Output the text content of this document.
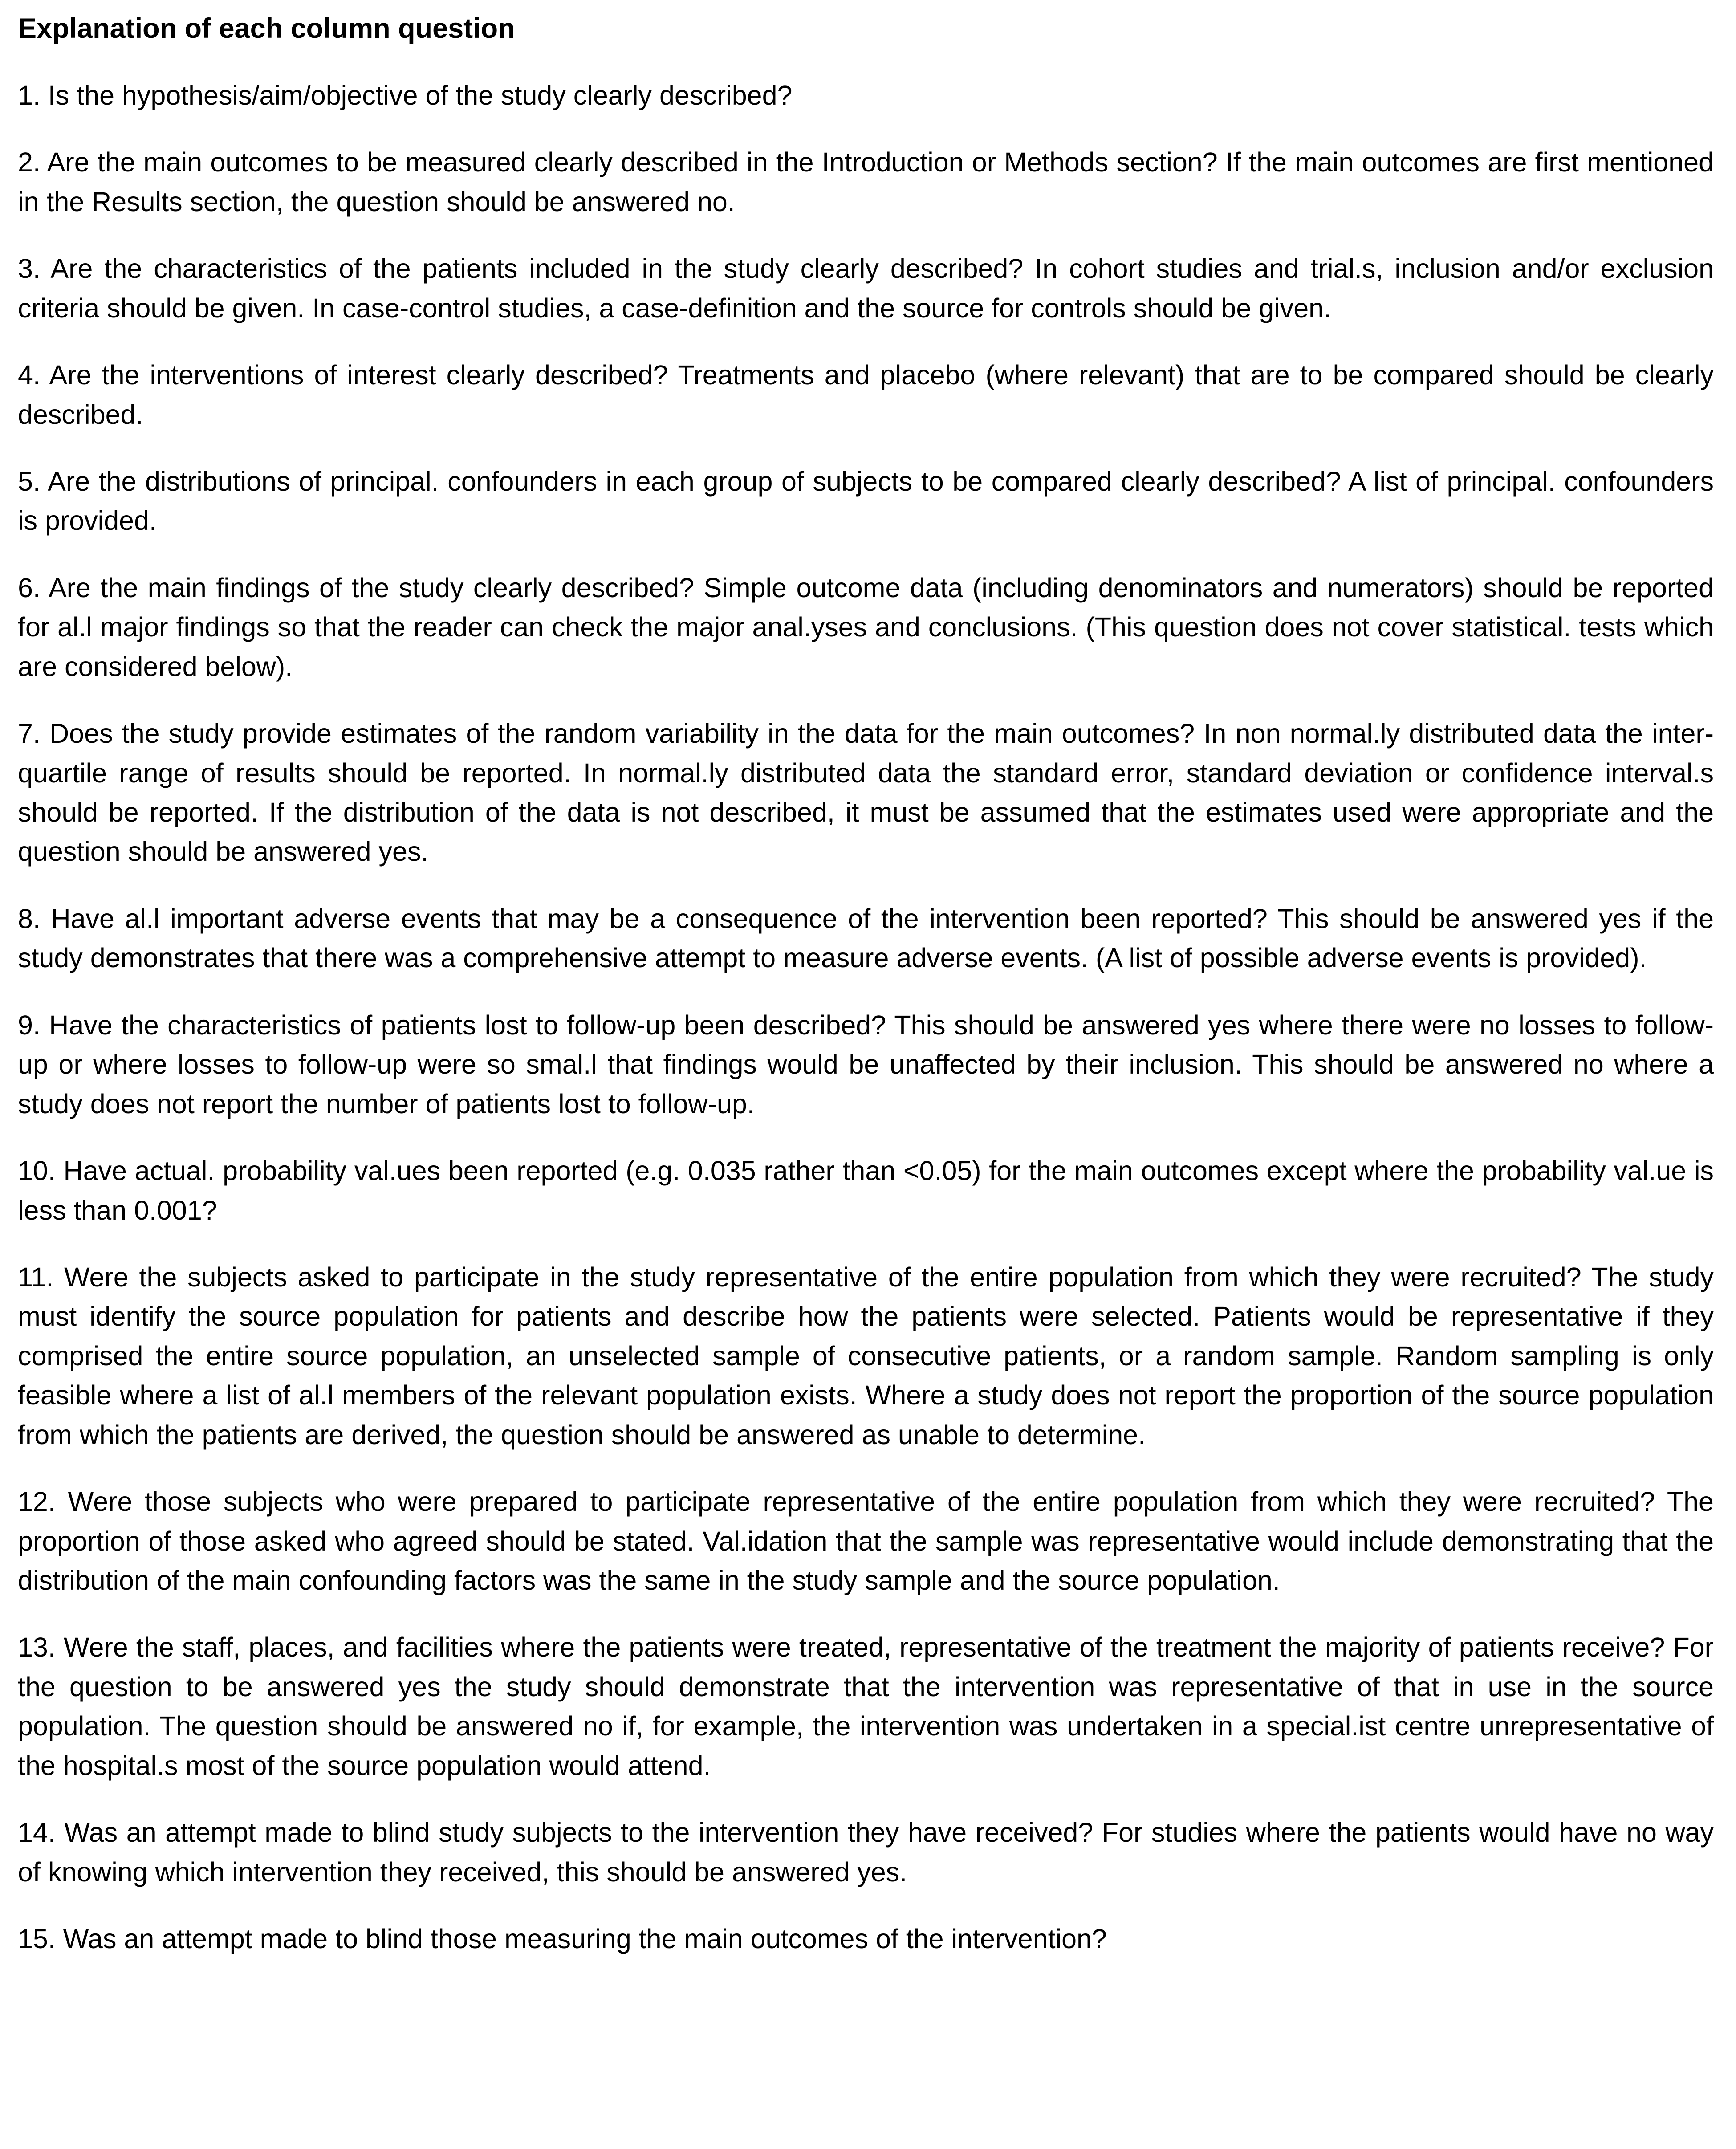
Explanation of each column question

1. Is the hypothesis/aim/objective of the study clearly described?

2. Are the main outcomes to be measured clearly described in the Introduction or Methods section? If the main outcomes are first mentioned in the Results section, the question should be answered no.

3. Are the characteristics of the patients included in the study clearly described? In cohort studies and trial.s, inclusion and/or exclusion criteria should be given. In case-control studies, a case-definition and the source for controls should be given.

4. Are the interventions of interest clearly described? Treatments and placebo (where relevant) that are to be compared should be clearly described.

5. Are the distributions of principal. confounders in each group of subjects to be compared clearly described? A list of principal. confounders is provided.

6. Are the main findings of the study clearly described? Simple outcome data (including denominators and numerators) should be reported for al.l major findings so that the reader can check the major anal.yses and conclusions. (This question does not cover statistical. tests which are considered below).

7. Does the study provide estimates of the random variability in the data for the main outcomes? In non normal.ly distributed data the inter-quartile range of results should be reported. In normal.ly distributed data the standard error, standard deviation or confidence interval.s should be reported. If the distribution of the data is not described, it must be assumed that the estimates used were appropriate and the question should be answered yes.

8. Have al.l important adverse events that may be a consequence of the intervention been reported? This should be answered yes if the study demonstrates that there was a comprehensive attempt to measure adverse events. (A list of possible adverse events is provided).

9. Have the characteristics of patients lost to follow-up been described? This should be answered yes where there were no losses to follow-up or where losses to follow-up were so smal.l that findings would be unaffected by their inclusion. This should be answered no where a study does not report the number of patients lost to follow-up.

10. Have actual. probability val.ues been reported (e.g. 0.035 rather than <0.05) for the main outcomes except where the probability val.ue is less than 0.001?

11. Were the subjects asked to participate in the study representative of the entire population from which they were recruited? The study must identify the source population for patients and describe how the patients were selected. Patients would be representative if they comprised the entire source population, an unselected sample of consecutive patients, or a random sample. Random sampling is only feasible where a list of al.l members of the relevant population exists. Where a study does not report the proportion of the source population from which the patients are derived, the question should be answered as unable to determine.

12. Were those subjects who were prepared to participate representative of the entire population from which they were recruited? The proportion of those asked who agreed should be stated. Val.idation that the sample was representative would include demonstrating that the distribution of the main confounding factors was the same in the study sample and the source population.

13. Were the staff, places, and facilities where the patients were treated, representative of the treatment the majority of patients receive? For the question to be answered yes the study should demonstrate that the intervention was representative of that in use in the source population. The question should be answered no if, for example, the intervention was undertaken in a special.ist centre unrepresentative of the hospital.s most of the source population would attend.

14. Was an attempt made to blind study subjects to the intervention they have received? For studies where the patients would have no way of knowing which intervention they received, this should be answered yes.

15. Was an attempt made to blind those measuring the main outcomes of the intervention?
